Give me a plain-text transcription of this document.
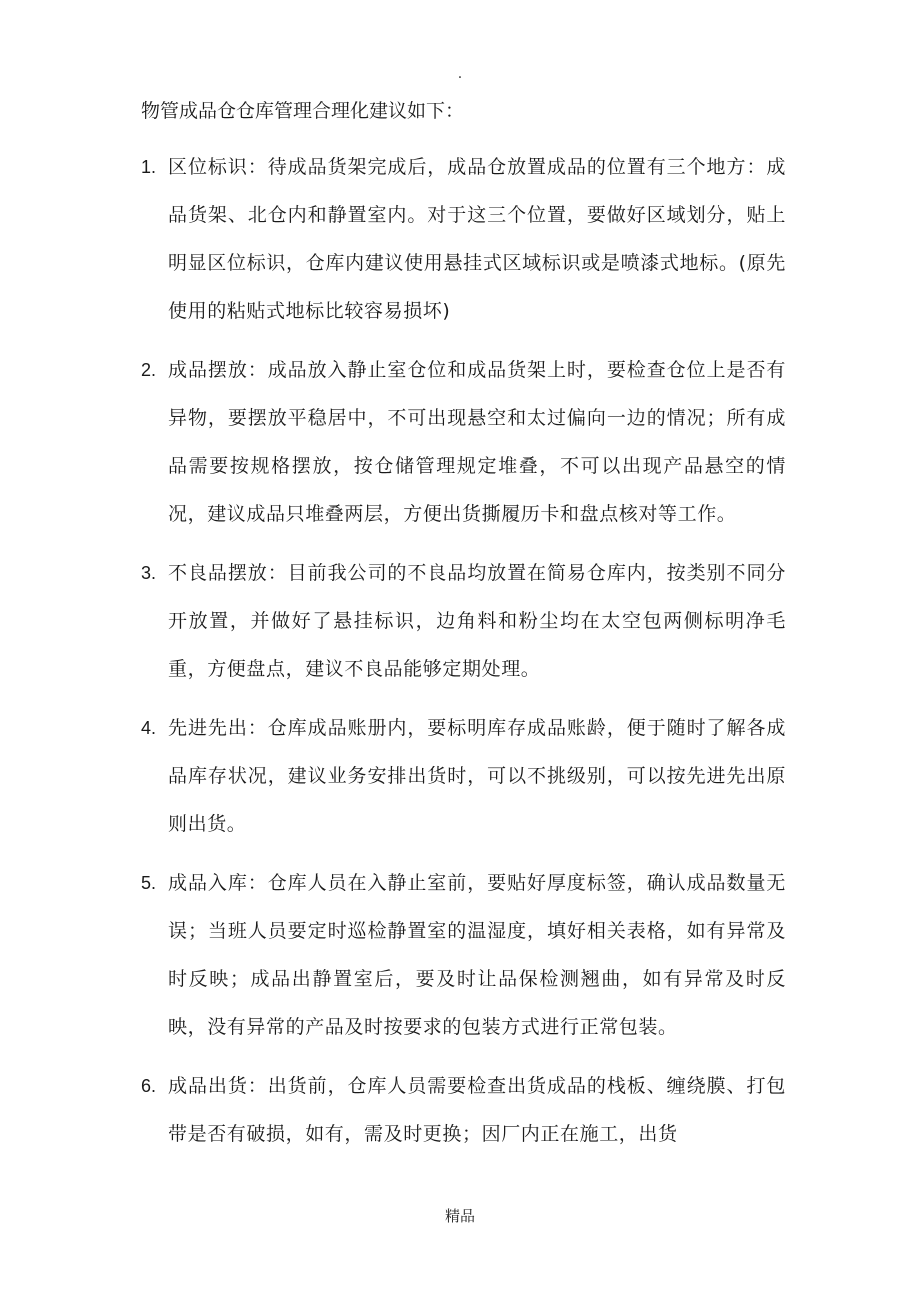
.
物管成品仓仓库管理合理化建议如下：
1. 区位标识：待成品货架完成后，成品仓放置成品的位置有三个地方：成品货架、北仓内和静置室内。对于这三个位置，要做好区域划分，贴上明显区位标识，仓库内建议使用悬挂式区域标识或是喷漆式地标。(原先使用的粘贴式地标比较容易损坏)
2. 成品摆放：成品放入静止室仓位和成品货架上时，要检查仓位上是否有异物，要摆放平稳居中，不可出现悬空和太过偏向一边的情况；所有成品需要按规格摆放，按仓储管理规定堆叠，不可以出现产品悬空的情况，建议成品只堆叠两层，方便出货撕履历卡和盘点核对等工作。
3. 不良品摆放：目前我公司的不良品均放置在简易仓库内，按类别不同分开放置，并做好了悬挂标识，边角料和粉尘均在太空包两侧标明净毛重，方便盘点，建议不良品能够定期处理。
4. 先进先出：仓库成品账册内，要标明库存成品账龄，便于随时了解各成品库存状况，建议业务安排出货时，可以不挑级别，可以按先进先出原则出货。
5. 成品入库：仓库人员在入静止室前，要贴好厚度标签，确认成品数量无误；当班人员要定时巡检静置室的温湿度，填好相关表格，如有异常及时反映；成品出静置室后，要及时让品保检测翘曲，如有异常及时反映，没有异常的产品及时按要求的包装方式进行正常包装。
6. 成品出货：出货前，仓库人员需要检查出货成品的栈板、缠绕膜、打包带是否有破损，如有，需及时更换；因厂内正在施工，出货
精品
